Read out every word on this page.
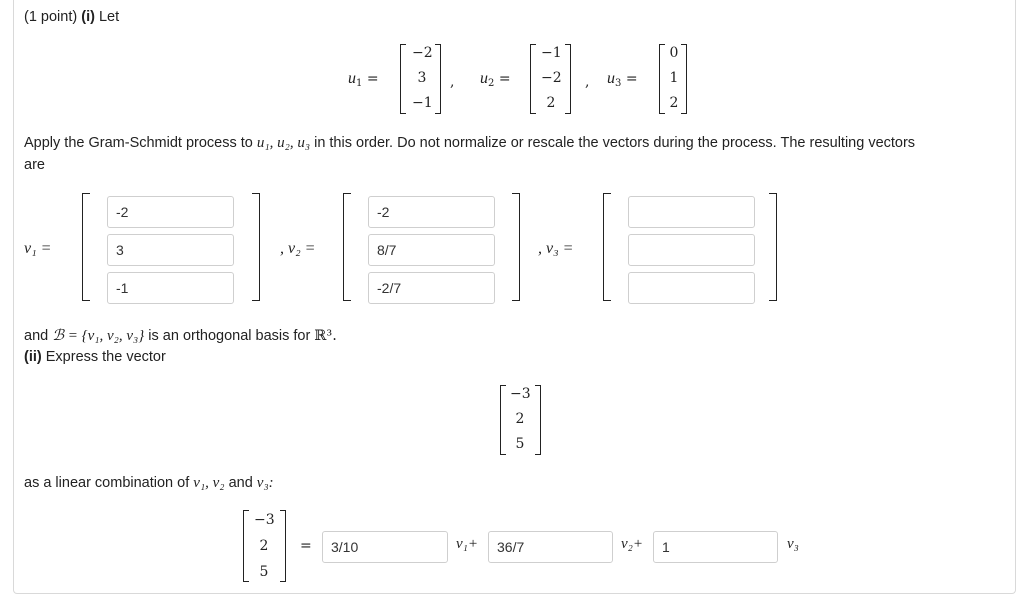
(1 point) (i) Let
$u_1$ =
−2
3
−1
, $u_2$ =
−1
−2
2
, $u_3$ =
0
1
2
Apply the Gram-Schmidt process to u₁, u₂, u₃ in this order. Do not normalize or rescale the vectors during the process. The resulting vectors
are
v₁ =
-2
3
-1
, v₂ =
-2
8/7
-2/7
, v₃ =
and ℬ = {v₁, v₂, v₃} is an orthogonal basis for ℝ³.
(ii) Express the vector
−3
2
5
as a linear combination of v₁, v₂ and v₃:
−3
2
5
=	3/10	v₁+	36/7	v₂+	1	v₃
